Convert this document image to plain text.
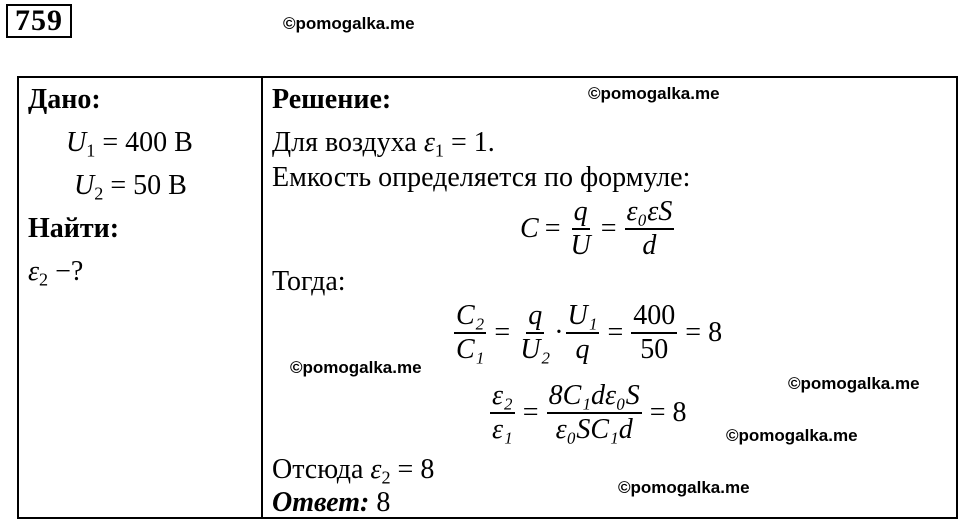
759	©pomogalka.me
Дано:
$U_1 = 400$ В
$U_2 = 50$ В
Найти:
$\varepsilon_2$ −?
Решение:	©pomogalka.me
Для воздуха $\varepsilon_1 = 1$.
Емкость определяется по формуле:
$C = \frac{q}{U} = \frac{\text{ε₀εS}}{d}$
Тогда:
$\frac{\text{C₂}}{\text{C₁}} = \frac{q}{\text{U₂}} \cdot \frac{\text{U₁}}{q} = \frac{400}{50} = 8$
©pomogalka.me
©pomogalka.me
$\frac{\text{ε₂}}{\text{ε₁}} = \frac{\text{8C₁dε₀S}}{\text{ε₀SC₁d}} = 8$
©pomogalka.me
Отсюда $\varepsilon_2 = 8$
©pomogalka.me
Ответ: 8
